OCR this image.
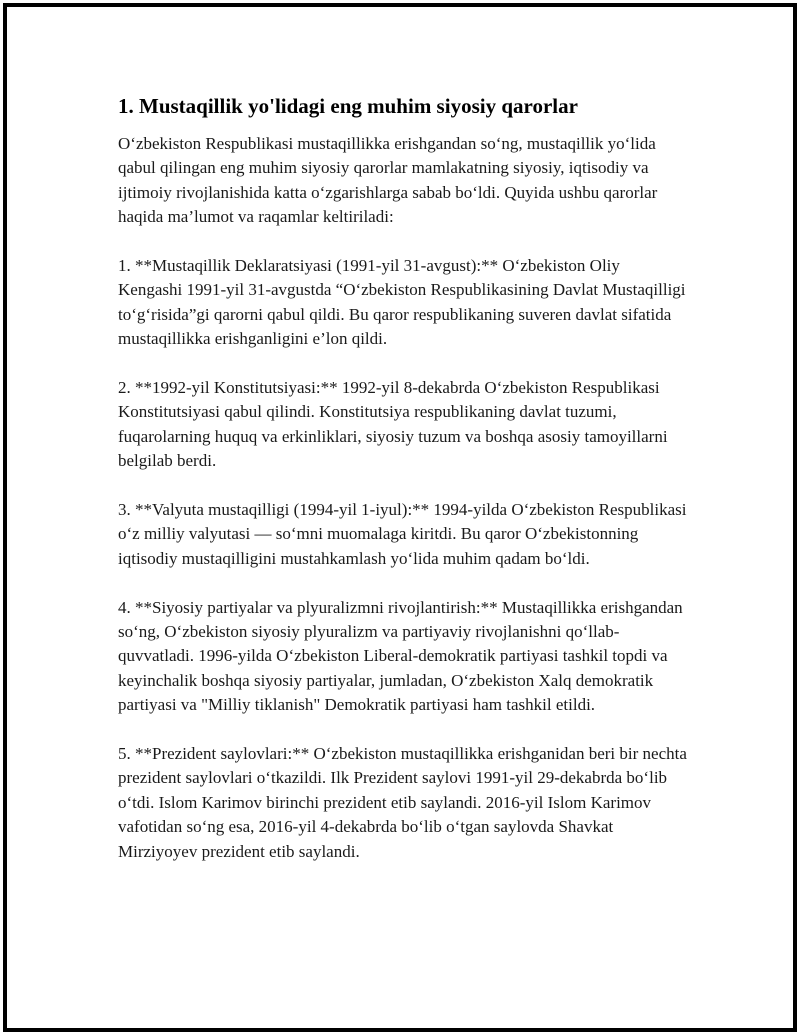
1. Mustaqillik yo'lidagi eng muhim siyosiy qarorlar

O‘zbekiston Respublikasi mustaqillikka erishgandan so‘ng, mustaqillik yo‘lida qabul qilingan eng muhim siyosiy qarorlar mamlakatning siyosiy, iqtisodiy va ijtimoiy rivojlanishida katta o‘zgarishlarga sabab bo‘ldi. Quyida ushbu qarorlar haqida ma’lumot va raqamlar keltiriladi:

1. **Mustaqillik Deklaratsiyasi (1991-yil 31-avgust):** O‘zbekiston Oliy Kengashi 1991-yil 31-avgustda “O‘zbekiston Respublikasining Davlat Mustaqilligi to‘g‘risida”gi qarorni qabul qildi. Bu qaror respublikaning suveren davlat sifatida mustaqillikka erishganligini e’lon qildi.

2. **1992-yil Konstitutsiyasi:** 1992-yil 8-dekabrda O‘zbekiston Respublikasi Konstitutsiyasi qabul qilindi. Konstitutsiya respublikaning davlat tuzumi, fuqarolarning huquq va erkinliklari, siyosiy tuzum va boshqa asosiy tamoyillarni belgilab berdi.

3. **Valyuta mustaqilligi (1994-yil 1-iyul):** 1994-yilda O‘zbekiston Respublikasi o‘z milliy valyutasi — so‘mni muomalaga kiritdi. Bu qaror O‘zbekistonning iqtisodiy mustaqilligini mustahkamlash yo‘lida muhim qadam bo‘ldi.

4. **Siyosiy partiyalar va plyuralizmni rivojlantirish:** Mustaqillikka erishgandan so‘ng, O‘zbekiston siyosiy plyuralizm va partiyaviy rivojlanishni qo‘llab-quvvatladi. 1996-yilda O‘zbekiston Liberal-demokratik partiyasi tashkil topdi va keyinchalik boshqa siyosiy partiyalar, jumladan, O‘zbekiston Xalq demokratik partiyasi va "Milliy tiklanish" Demokratik partiyasi ham tashkil etildi.

5. **Prezident saylovlari:** O‘zbekiston mustaqillikka erishganidan beri bir nechta prezident saylovlari o‘tkazildi. Ilk Prezident saylovi 1991-yil 29-dekabrda bo‘lib o‘tdi. Islom Karimov birinchi prezident etib saylandi. 2016-yil Islom Karimov vafotidan so‘ng esa, 2016-yil 4-dekabrda bo‘lib o‘tgan saylovda Shavkat Mirziyoyev prezident etib saylandi.
